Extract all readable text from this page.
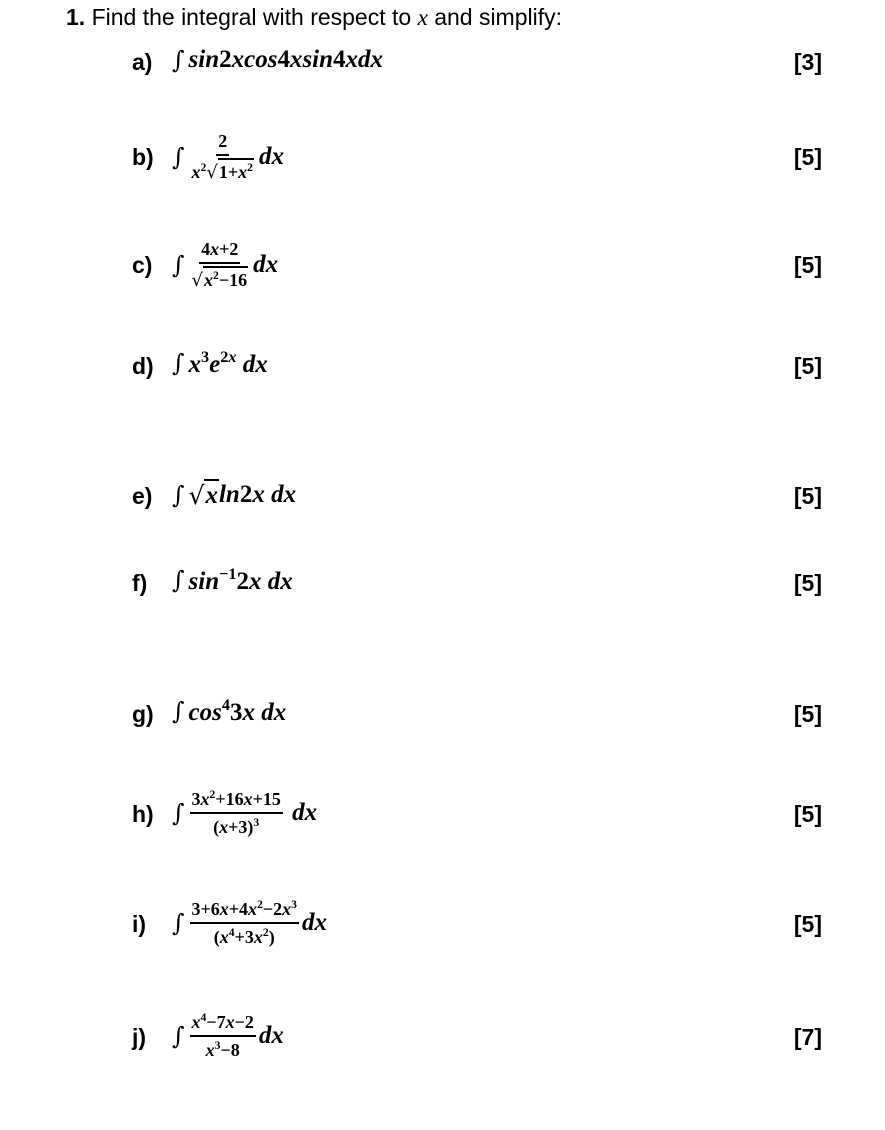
1. Find the integral with respect to x and simplify:
a) ∫ sin2xcos4xsin4xdx	[3]
b) ∫ $\frac{2}{x^2 √ 1+x^2}$ dx	[5]
c) ∫ $\frac{4x+2}{√ x^2-16}$ dx	[5]
d) ∫ $x^3e^{2x}$ dx	[5]
e) ∫ √ x ln2x dx	[5]
f) ∫ $\sin^{-1}2x$ dx	[5]
g) ∫ $\cos^43x$ dx	[5]
h) ∫ $\frac{3x^2+16x+15}{(x+3)^3}$ dx	[5]
i) ∫ $\frac{3+6x+4x^2-2x^3}{(x^4+3x^2)}$ dx	[5]
j) ∫ $\frac{x^4-7x-2}{x^3-8}$ dx	[7]
